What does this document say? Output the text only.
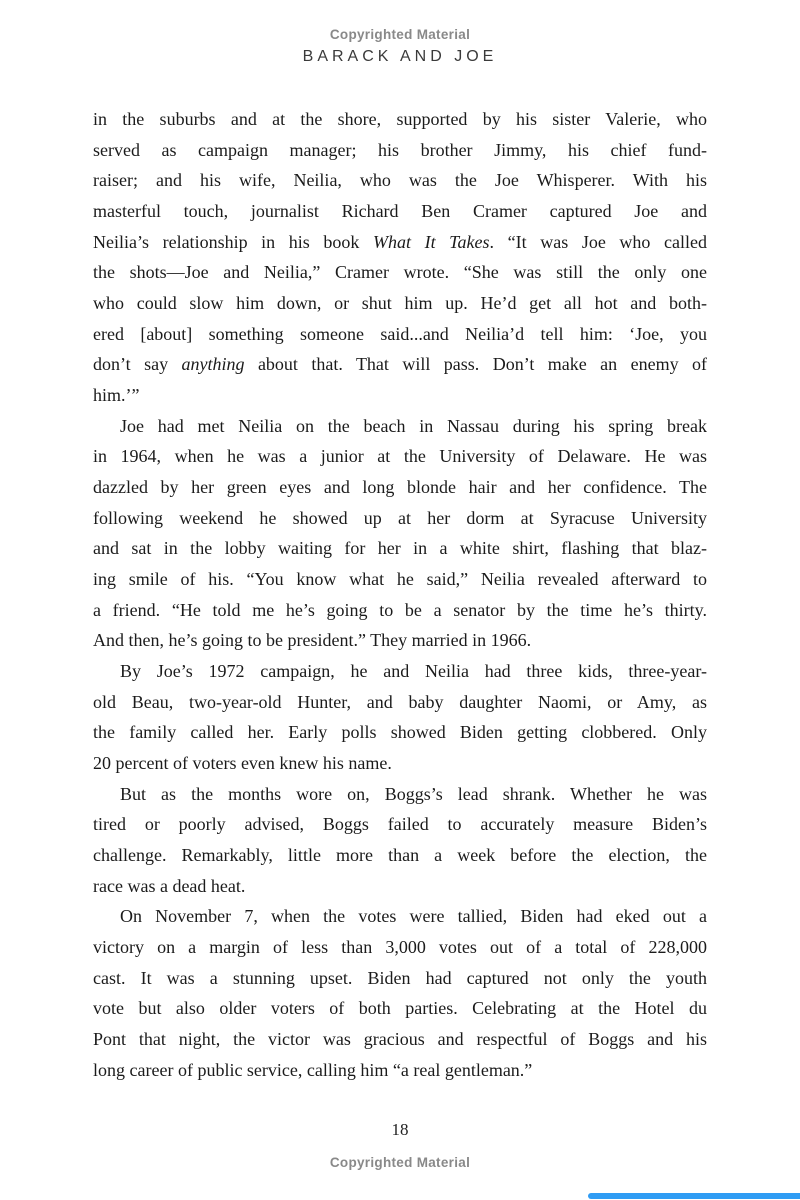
Copyrighted Material
BARACK AND JOE
in the suburbs and at the shore, supported by his sister Valerie, who
served as campaign manager; his brother Jimmy, his chief fund-
raiser; and his wife, Neilia, who was the Joe Whisperer. With his
masterful touch, journalist Richard Ben Cramer captured Joe and
Neilia’s relationship in his book What It Takes. “It was Joe who called
the shots—Joe and Neilia,” Cramer wrote. “She was still the only one
who could slow him down, or shut him up. He’d get all hot and both-
ered [about] something someone said...and Neilia’d tell him: ‘Joe, you
don’t say anything about that. That will pass. Don’t make an enemy of
him.’”
Joe had met Neilia on the beach in Nassau during his spring break
in 1964, when he was a junior at the University of Delaware. He was
dazzled by her green eyes and long blonde hair and her confidence. The
following weekend he showed up at her dorm at Syracuse University
and sat in the lobby waiting for her in a white shirt, flashing that blaz-
ing smile of his. “You know what he said,” Neilia revealed afterward to
a friend. “He told me he’s going to be a senator by the time he’s thirty.
And then, he’s going to be president.” They married in 1966.
By Joe’s 1972 campaign, he and Neilia had three kids, three-year-
old Beau, two-year-old Hunter, and baby daughter Naomi, or Amy, as
the family called her. Early polls showed Biden getting clobbered. Only
20 percent of voters even knew his name.
But as the months wore on, Boggs’s lead shrank. Whether he was
tired or poorly advised, Boggs failed to accurately measure Biden’s
challenge. Remarkably, little more than a week before the election, the
race was a dead heat.
On November 7, when the votes were tallied, Biden had eked out a
victory on a margin of less than 3,000 votes out of a total of 228,000
cast. It was a stunning upset. Biden had captured not only the youth
vote but also older voters of both parties. Celebrating at the Hotel du
Pont that night, the victor was gracious and respectful of Boggs and his
long career of public service, calling him “a real gentleman.”
18
Copyrighted Material
